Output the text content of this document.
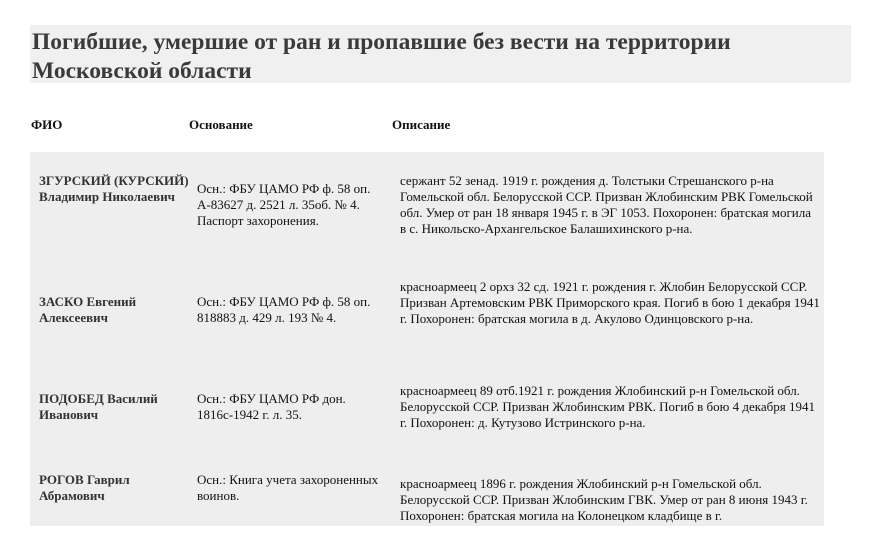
Погибшие, умершие от ран и пропавшие без вести на территории Московской области
ФИО	Основание	Описание
ЗГУРСКИЙ (КУРСКИЙ) Владимир Николаевич
Осн.: ФБУ ЦАМО РФ ф. 58 оп. А-83627 д. 2521 л. 35об. № 4. Паспорт захоронения.
сержант 52 зенад. 1919 г. рождения д. Толстыки Стрешанского р-на Гомельской обл. Белорусской ССР. Призван Жлобинским РВК Гомельской обл. Умер от ран 18 января 1945 г. в ЭГ 1053. Похоронен: братская могила в с. Никольско-Архангельское Балашихинского р-на.
ЗАСКО Евгений Алексеевич
Осн.: ФБУ ЦАМО РФ ф. 58 оп. 818883 д. 429 л. 193 № 4.
красноармеец 2 орхз 32 сд. 1921 г. рождения г. Жлобин Белорусской ССР. Призван Артемовским РВК Приморского края. Погиб в бою 1 декабря 1941 г. Похоронен: братская могила в д. Акулово Одинцовского р-на.
ПОДОБЕД Василий Иванович
Осн.: ФБУ ЦАМО РФ дон. 1816с-1942 г. л. 35.
красноармеец 89 отб.1921 г. рождения Жлобинский р-н Гомельской обл. Белорусской ССР. Призван Жлобинским РВК. Погиб в бою 4 декабря 1941 г. Похоронен: д. Кутузово Истринского р-на.
РОГОВ Гаврил Абрамович
Осн.: Книга учета захороненных воинов.
красноармеец 1896 г. рождения Жлобинский р-н Гомельской обл. Белорусской ССР. Призван Жлобинским ГВК. Умер от ран 8 июня 1943 г. Похоронен: братская могила на Колонецком кладбище в г.
